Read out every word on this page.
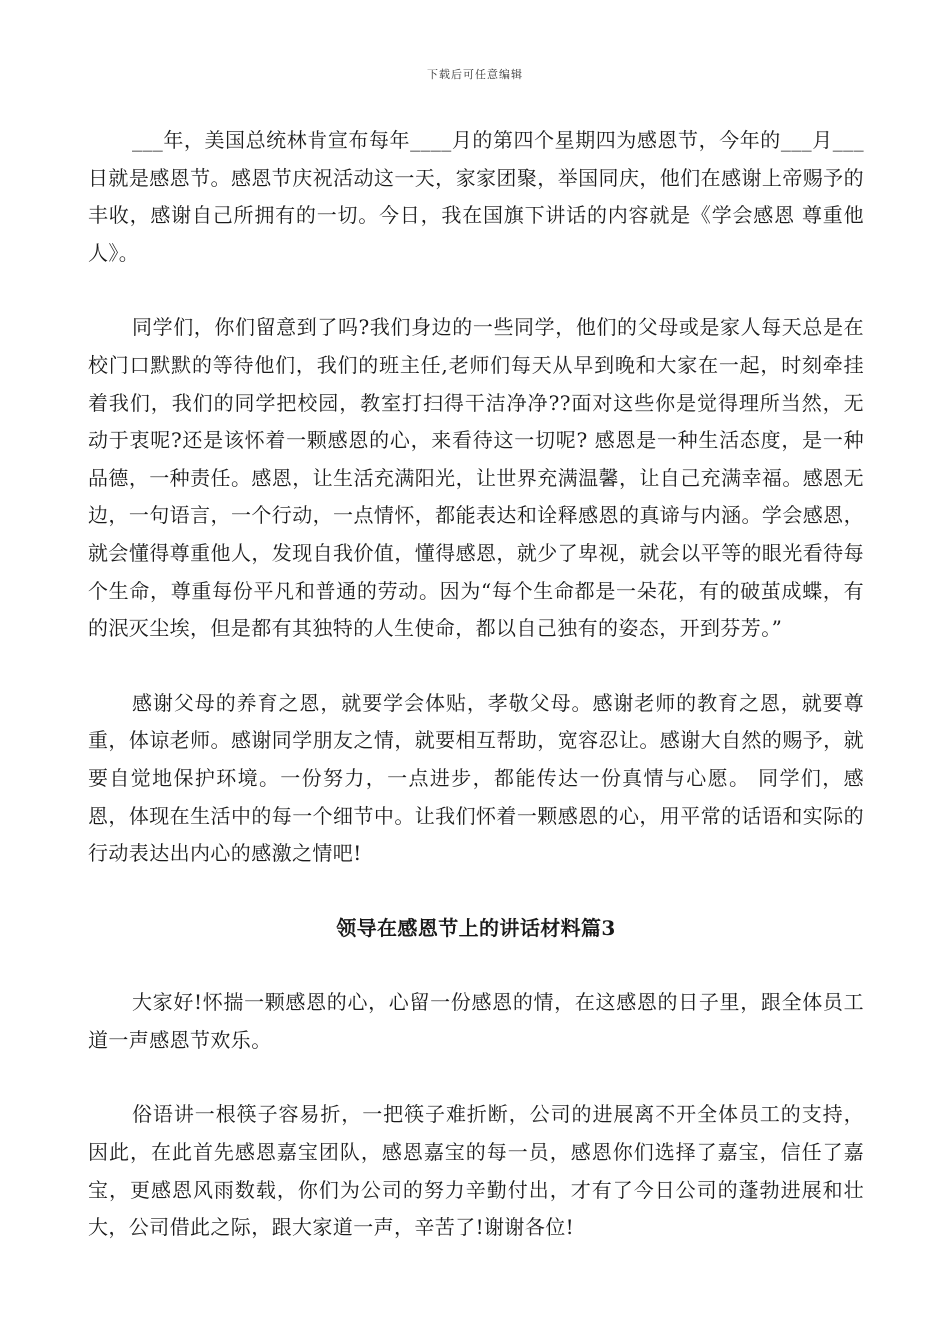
下载后可任意编辑

___年，美国总统林肯宣布每年____月的第四个星期四为感恩节，今年的___月___日就是感恩节。感恩节庆祝活动这一天，家家团聚，举国同庆，他们在感谢上帝赐予的丰收，感谢自己所拥有的一切。今日，我在国旗下讲话的内容就是《学会感恩 尊重他人》。

同学们，你们留意到了吗?我们身边的一些同学，他们的父母或是家人每天总是在校门口默默的等待他们，我们的班主任,老师们每天从早到晚和大家在一起，时刻牵挂着我们，我们的同学把校园，教室打扫得干洁净净??面对这些你是觉得理所当然，无动于衷呢?还是该怀着一颗感恩的心，来看待这一切呢? 感恩是一种生活态度，是一种品德，一种责任。感恩，让生活充满阳光，让世界充满温馨，让自己充满幸福。感恩无边，一句语言，一个行动，一点情怀，都能表达和诠释感恩的真谛与内涵。学会感恩，就会懂得尊重他人，发现自我价值，懂得感恩，就少了卑视，就会以平等的眼光看待每个生命，尊重每份平凡和普通的劳动。因为“每个生命都是一朵花，有的破茧成蝶，有的泯灭尘埃，但是都有其独特的人生使命，都以自己独有的姿态，开到芬芳。”

感谢父母的养育之恩，就要学会体贴，孝敬父母。感谢老师的教育之恩，就要尊重，体谅老师。感谢同学朋友之情，就要相互帮助，宽容忍让。感谢大自然的赐予，就要自觉地保护环境。一份努力，一点进步，都能传达一份真情与心愿。 同学们，感恩，体现在生活中的每一个细节中。让我们怀着一颗感恩的心，用平常的话语和实际的行动表达出内心的感激之情吧!

领导在感恩节上的讲话材料篇3

大家好!怀揣一颗感恩的心，心留一份感恩的情，在这感恩的日子里，跟全体员工道一声感恩节欢乐。

俗语讲一根筷子容易折，一把筷子难折断，公司的进展离不开全体员工的支持，因此，在此首先感恩嘉宝团队，感恩嘉宝的每一员，感恩你们选择了嘉宝，信任了嘉宝，更感恩风雨数载，你们为公司的努力辛勤付出，才有了今日公司的蓬勃进展和壮大，公司借此之际，跟大家道一声，辛苦了!谢谢各位!
